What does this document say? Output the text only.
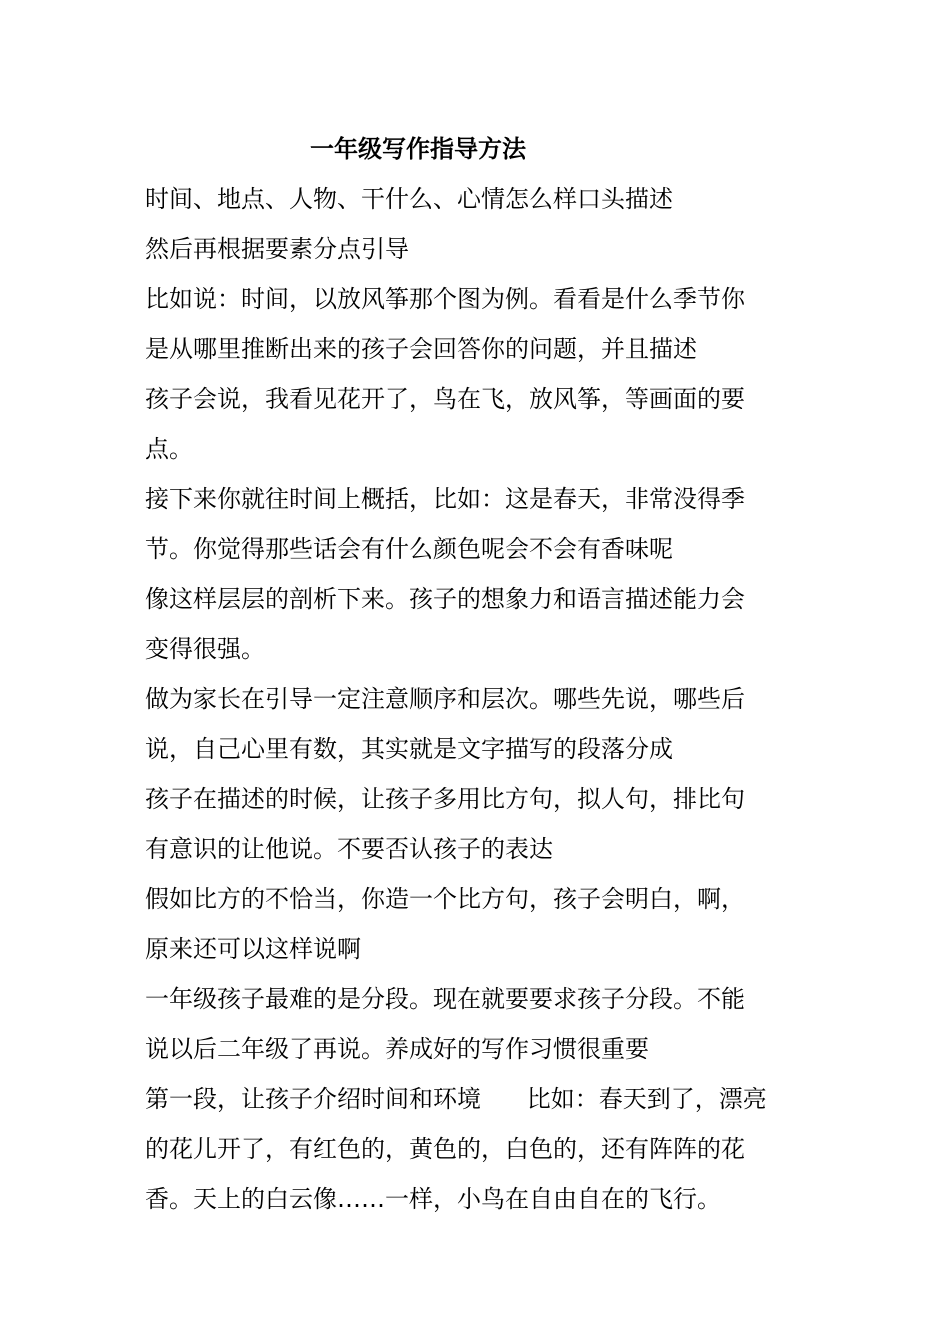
一年级写作指导方法
时间、地点、人物、干什么、心情怎么样口头描述
然后再根据要素分点引导
比如说：时间，以放风筝那个图为例。看看是什么季节你
是从哪里推断出来的孩子会回答你的问题，并且描述
孩子会说，我看见花开了，鸟在飞，放风筝，等画面的要
点。
接下来你就往时间上概括，比如：这是春天，非常没得季
节。你觉得那些话会有什么颜色呢会不会有香味呢
像这样层层的剖析下来。孩子的想象力和语言描述能力会
变得很强。
做为家长在引导一定注意顺序和层次。哪些先说，哪些后
说，自己心里有数，其实就是文字描写的段落分成
孩子在描述的时候，让孩子多用比方句，拟人句，排比句
有意识的让他说。不要否认孩子的表达
假如比方的不恰当，你造一个比方句，孩子会明白，啊，
原来还可以这样说啊
一年级孩子最难的是分段。现在就要要求孩子分段。不能
说以后二年级了再说。养成好的写作习惯很重要
第一段，让孩子介绍时间和环境      比如：春天到了，漂亮
的花儿开了，有红色的，黄色的，白色的，还有阵阵的花
香。天上的白云像……一样，小鸟在自由自在的飞行。
